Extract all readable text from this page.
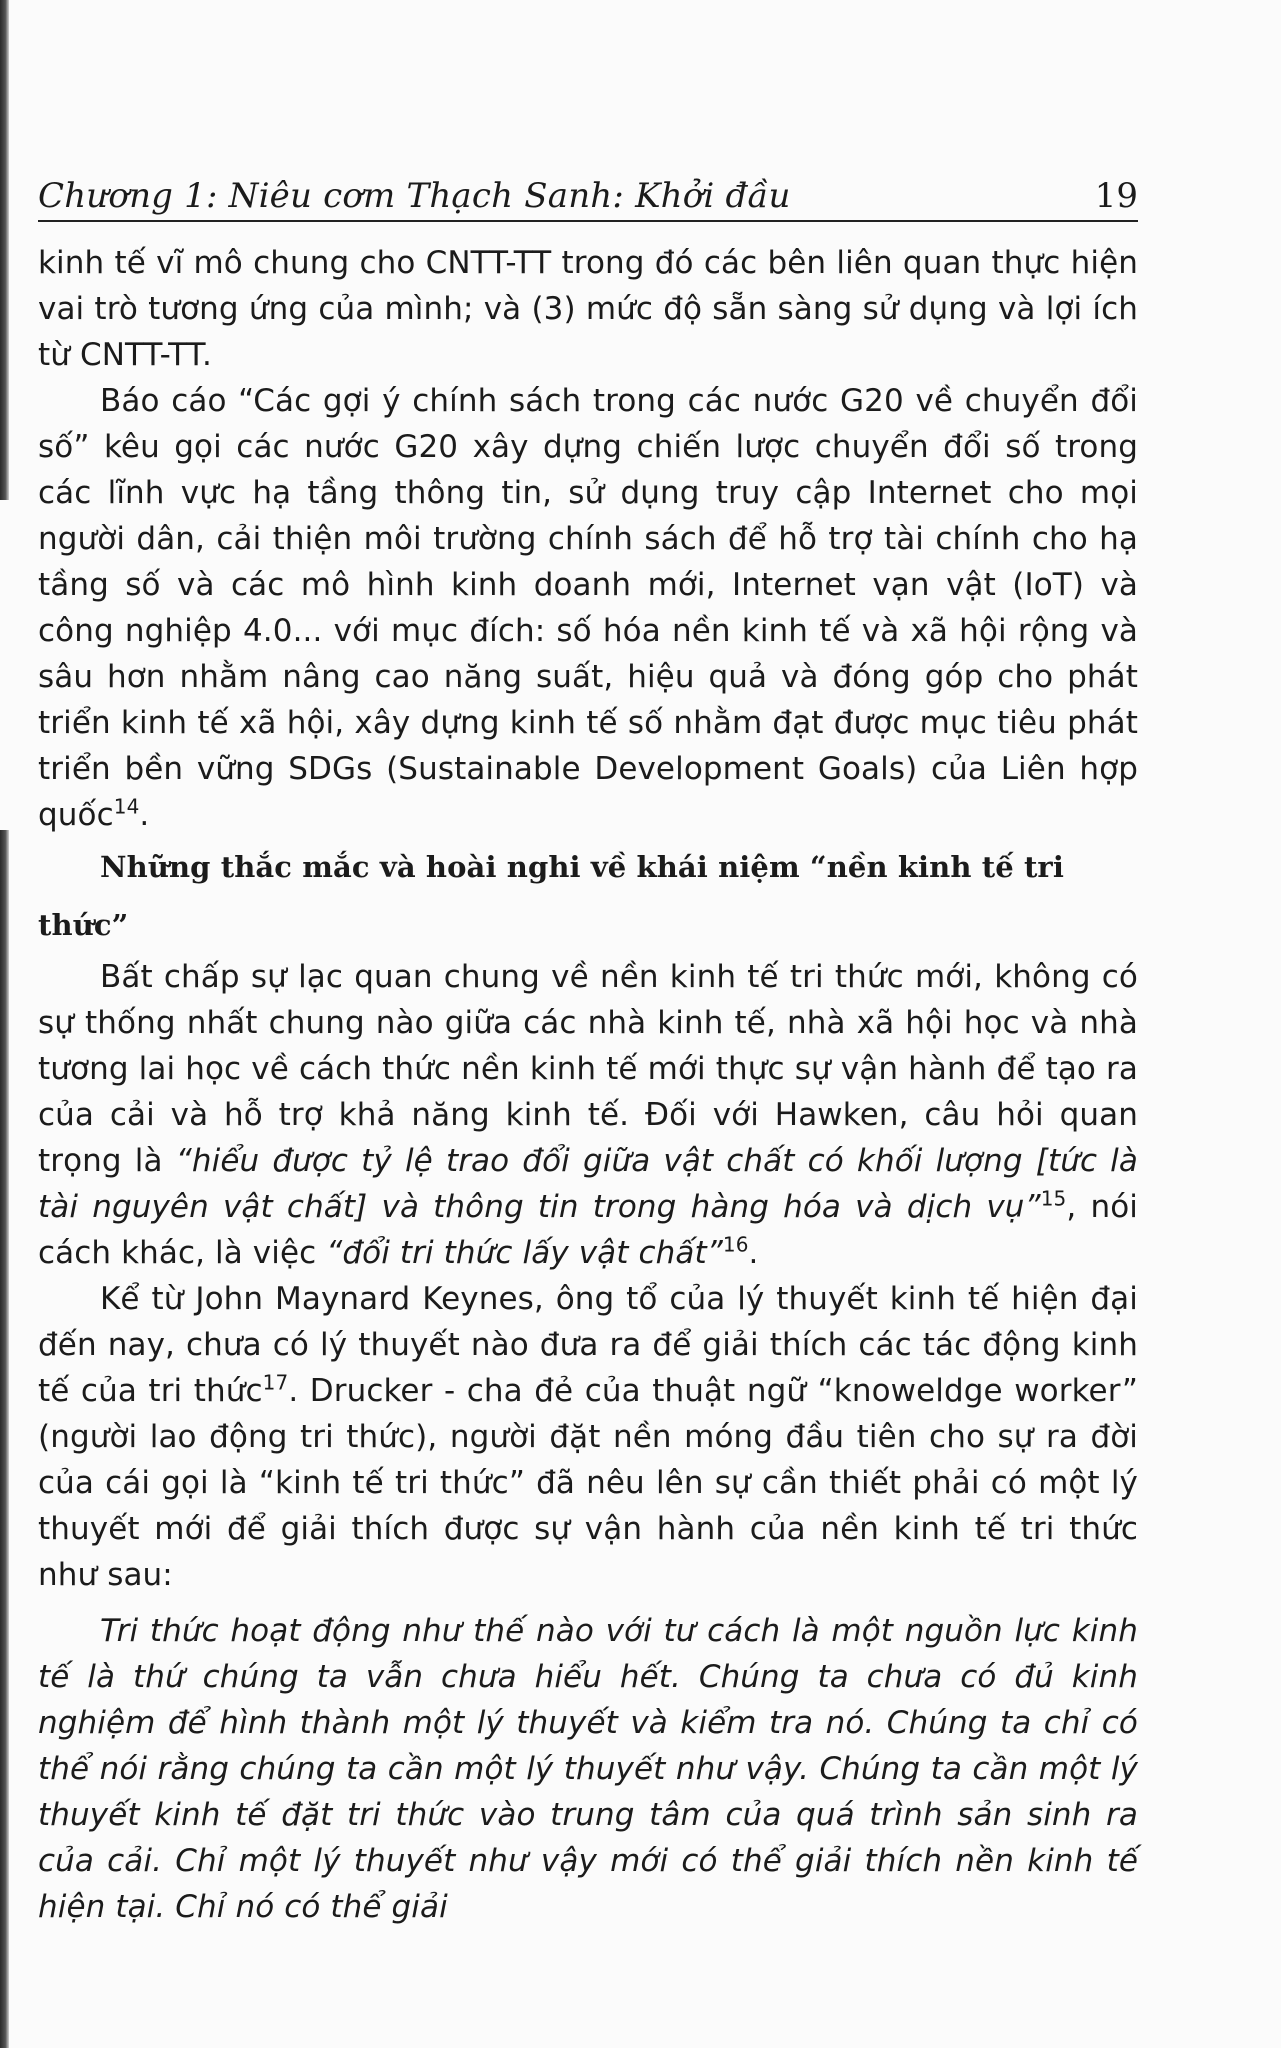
Chương 1: Niêu cơm Thạch Sanh: Khởi đầu	19

kinh tế vĩ mô chung cho CNTT-TT trong đó các bên liên quan thực hiện vai trò tương ứng của mình; và (3) mức độ sẵn sàng sử dụng và lợi ích từ CNTT-TT.

Báo cáo “Các gợi ý chính sách trong các nước G20 về chuyển đổi số” kêu gọi các nước G20 xây dựng chiến lược chuyển đổi số trong các lĩnh vực hạ tầng thông tin, sử dụng truy cập Internet cho mọi người dân, cải thiện môi trường chính sách để hỗ trợ tài chính cho hạ tầng số và các mô hình kinh doanh mới, Internet vạn vật (IoT) và công nghiệp 4.0... với mục đích: số hóa nền kinh tế và xã hội rộng và sâu hơn nhằm nâng cao năng suất, hiệu quả và đóng góp cho phát triển kinh tế xã hội, xây dựng kinh tế số nhằm đạt được mục tiêu phát triển bền vững SDGs (Sustainable Development Goals) của Liên hợp quốc$^{14}$.

Những thắc mắc và hoài nghi về khái niệm “nền kinh tế tri thức”

Bất chấp sự lạc quan chung về nền kinh tế tri thức mới, không có sự thống nhất chung nào giữa các nhà kinh tế, nhà xã hội học và nhà tương lai học về cách thức nền kinh tế mới thực sự vận hành để tạo ra của cải và hỗ trợ khả năng kinh tế. Đối với Hawken, câu hỏi quan trọng là “hiểu được tỷ lệ trao đổi giữa vật chất có khối lượng [tức là tài nguyên vật chất] và thông tin trong hàng hóa và dịch vụ”$^{15}$, nói cách khác, là việc “đổi tri thức lấy vật chất”$^{16}$.

Kể từ John Maynard Keynes, ông tổ của lý thuyết kinh tế hiện đại đến nay, chưa có lý thuyết nào đưa ra để giải thích các tác động kinh tế của tri thức$^{17}$. Drucker - cha đẻ của thuật ngữ “knoweldge worker” (người lao động tri thức), người đặt nền móng đầu tiên cho sự ra đời của cái gọi là “kinh tế tri thức” đã nêu lên sự cần thiết phải có một lý thuyết mới để giải thích được sự vận hành của nền kinh tế tri thức như sau:

Tri thức hoạt động như thế nào với tư cách là một nguồn lực kinh tế là thứ chúng ta vẫn chưa hiểu hết. Chúng ta chưa có đủ kinh nghiệm để hình thành một lý thuyết và kiểm tra nó. Chúng ta chỉ có thể nói rằng chúng ta cần một lý thuyết như vậy. Chúng ta cần một lý thuyết kinh tế đặt tri thức vào trung tâm của quá trình sản sinh ra của cải. Chỉ một lý thuyết như vậy mới có thể giải thích nền kinh tế hiện tại. Chỉ nó có thể giải
